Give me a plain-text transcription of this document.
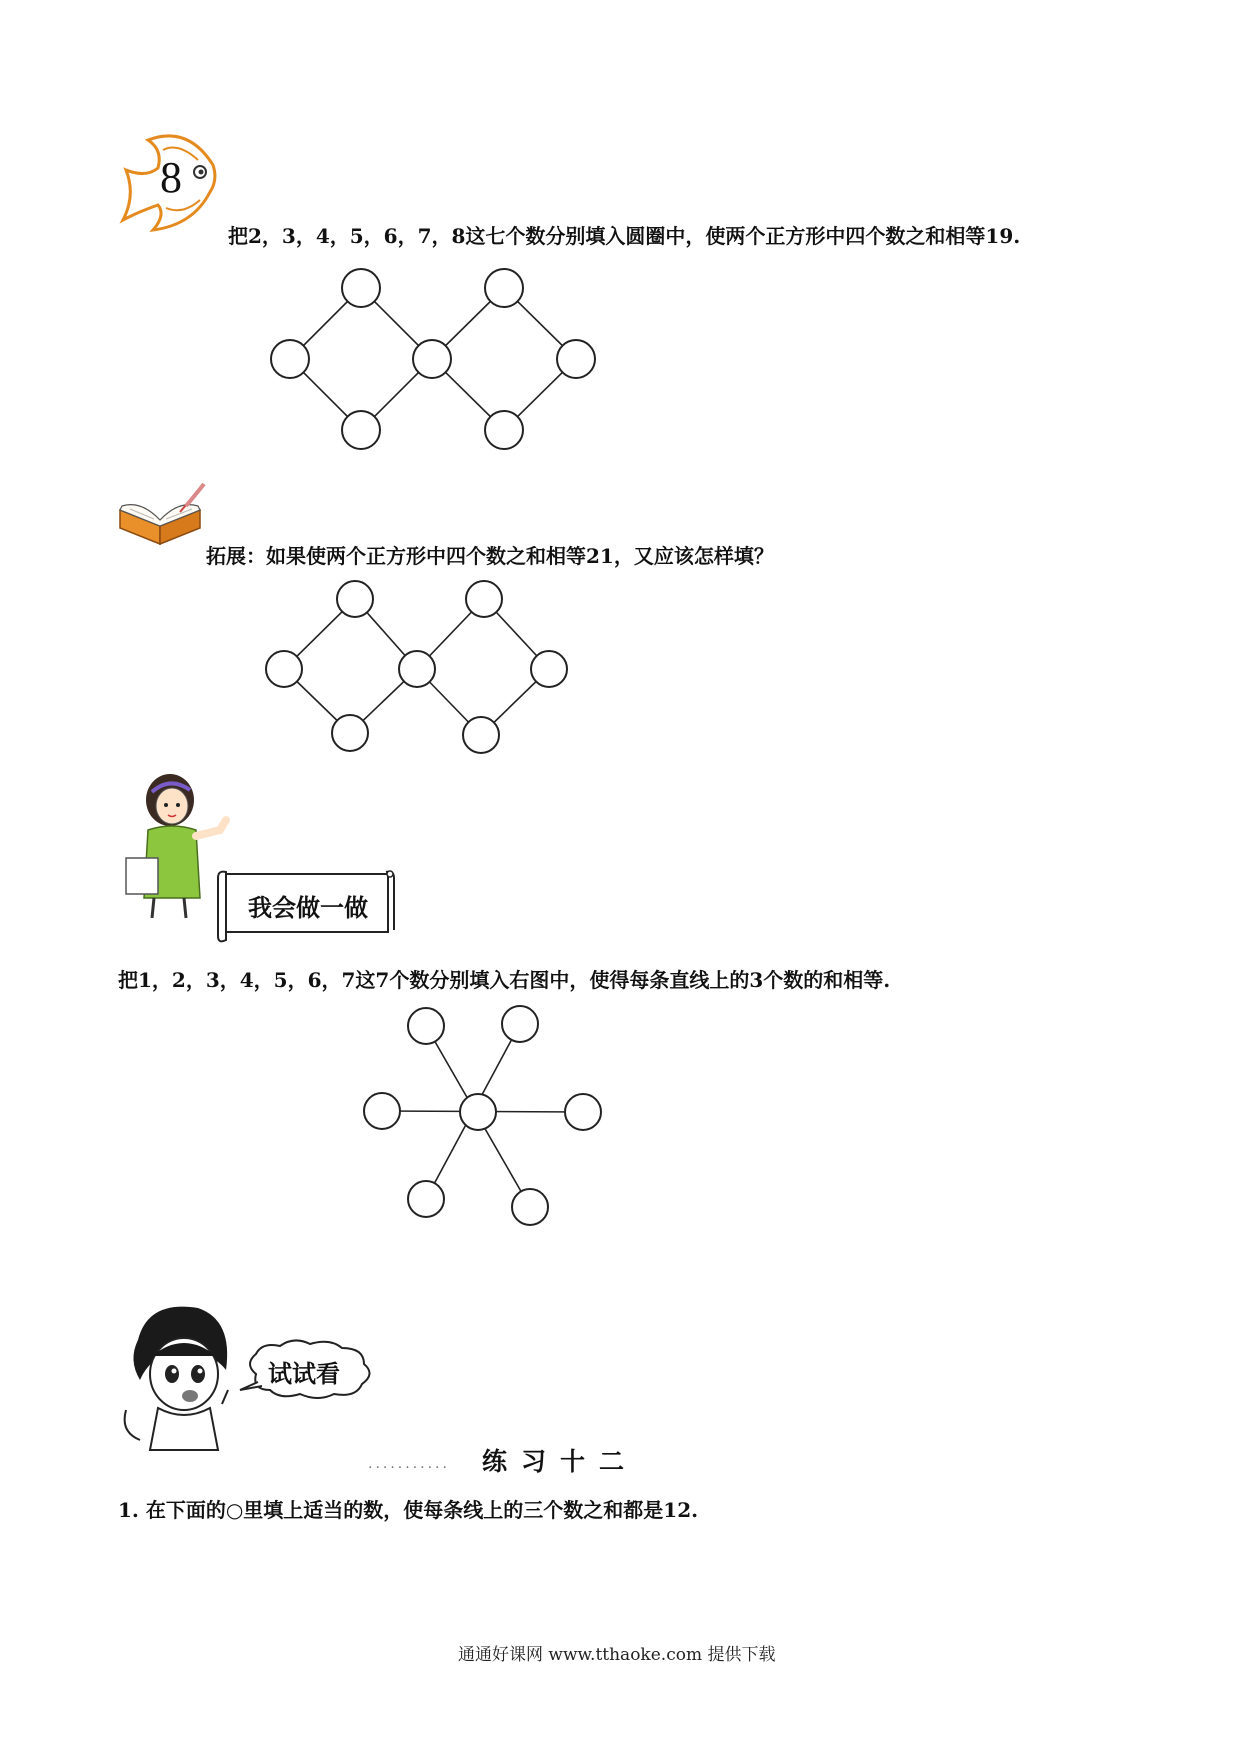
8
把2，3，4，5，6，7，8这七个数分别填入圆圈中，使两个正方形中四个数之和相等19.
拓展：如果使两个正方形中四个数之和相等21，又应该怎样填？
我会做一做
把1，2，3，4，5，6，7这7个数分别填入右图中，使得每条直线上的3个数的和相等.
试试看
........... 练习十二
1. 在下面的○里填上适当的数，使每条线上的三个数之和都是12.
通通好课网 www.tthaoke.com 提供下载
